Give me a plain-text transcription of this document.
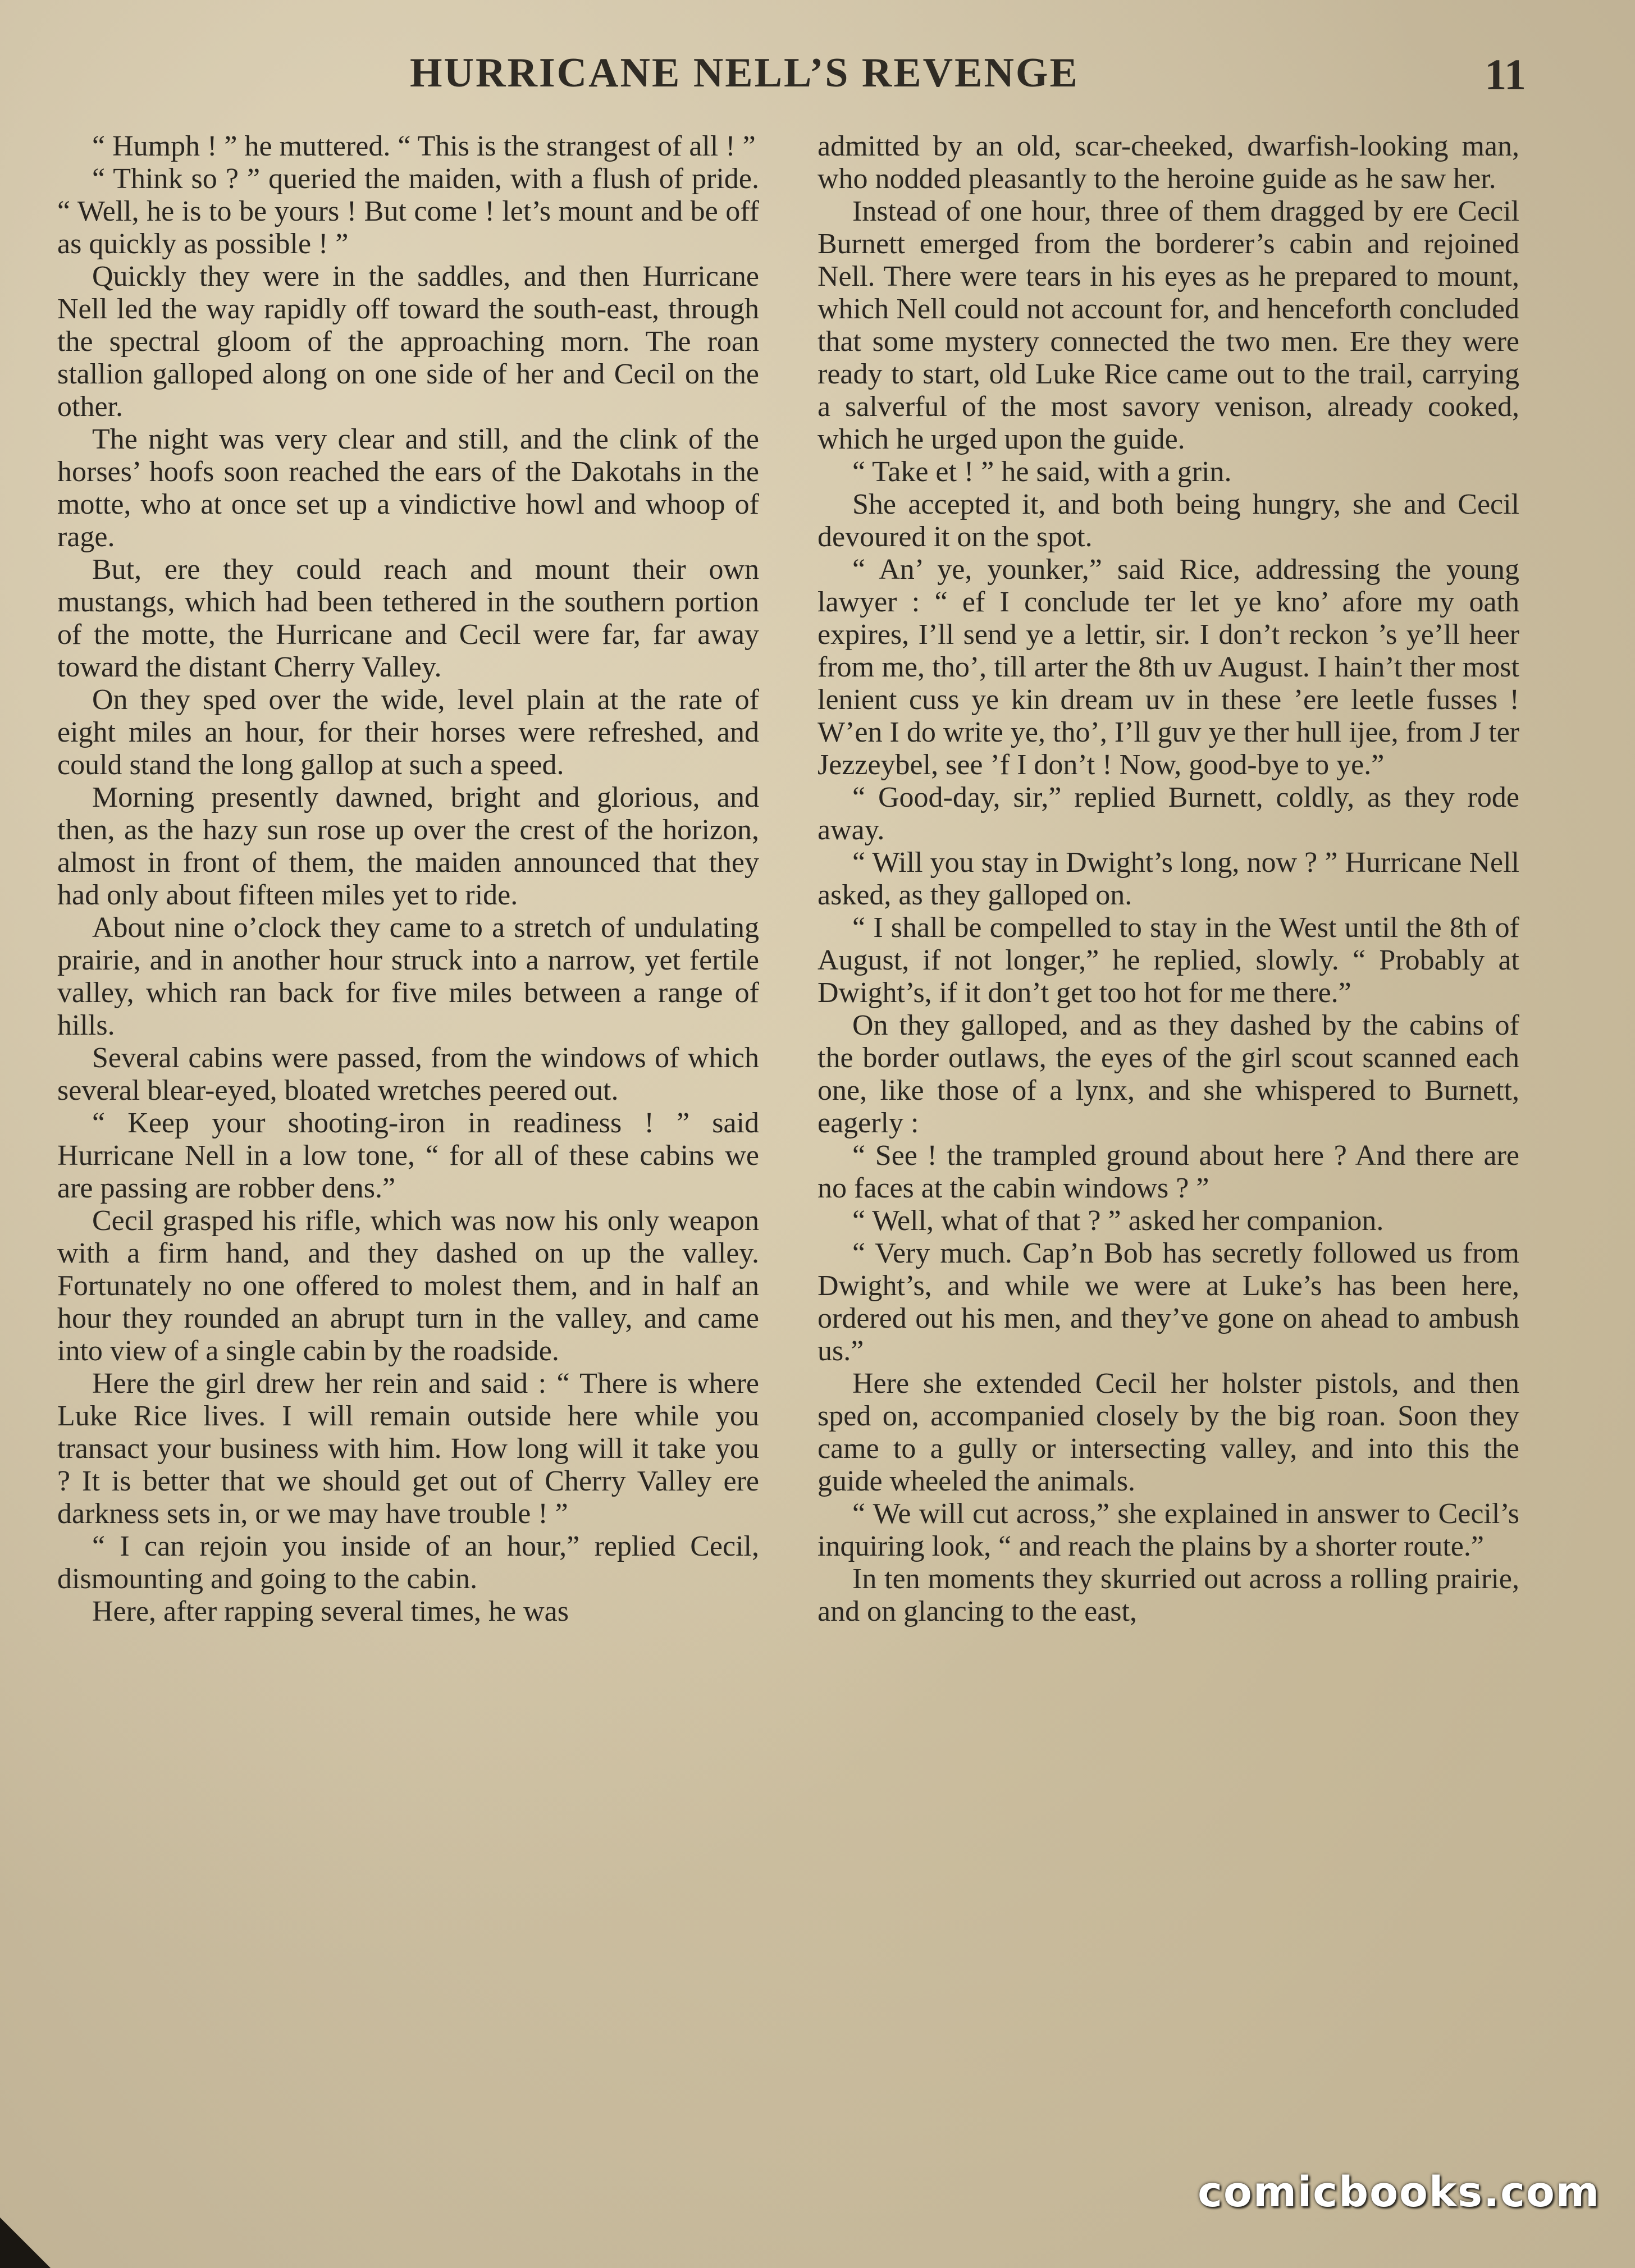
HURRICANE NELL’S REVENGE	11

“ Humph ! ” he muttered. “ This is the strangest of all ! ”

“ Think so ? ” queried the maiden, with a flush of pride. “ Well, he is to be yours ! But come ! let’s mount and be off as quickly as possible ! ”

Quickly they were in the saddles, and then Hurricane Nell led the way rapidly off toward the south-east, through the spectral gloom of the approaching morn. The roan stallion galloped along on one side of her and Cecil on the other.

The night was very clear and still, and the clink of the horses’ hoofs soon reached the ears of the Dakotahs in the motte, who at once set up a vindictive howl and whoop of rage.

But, ere they could reach and mount their own mustangs, which had been tethered in the southern portion of the motte, the Hurricane and Cecil were far, far away toward the distant Cherry Valley.

On they sped over the wide, level plain at the rate of eight miles an hour, for their horses were refreshed, and could stand the long gallop at such a speed.

Morning presently dawned, bright and glorious, and then, as the hazy sun rose up over the crest of the horizon, almost in front of them, the maiden announced that they had only about fifteen miles yet to ride.

About nine o’clock they came to a stretch of undulating prairie, and in another hour struck into a narrow, yet fertile valley, which ran back for five miles between a range of hills.

Several cabins were passed, from the windows of which several blear-eyed, bloated wretches peered out.

“ Keep your shooting-iron in readiness ! ” said Hurricane Nell in a low tone, “ for all of these cabins we are passing are robber dens.”

Cecil grasped his rifle, which was now his only weapon with a firm hand, and they dashed on up the valley. Fortunately no one offered to molest them, and in half an hour they rounded an abrupt turn in the valley, and came into view of a single cabin by the roadside.

Here the girl drew her rein and said : “ There is where Luke Rice lives. I will remain outside here while you transact your business with him. How long will it take you ? It is better that we should get out of Cherry Valley ere darkness sets in, or we may have trouble ! ”

“ I can rejoin you inside of an hour,” replied Cecil, dismounting and going to the cabin.

Here, after rapping several times, he was

admitted by an old, scar-cheeked, dwarfish-looking man, who nodded pleasantly to the heroine guide as he saw her.

Instead of one hour, three of them dragged by ere Cecil Burnett emerged from the borderer’s cabin and rejoined Nell. There were tears in his eyes as he prepared to mount, which Nell could not account for, and henceforth concluded that some mystery connected the two men. Ere they were ready to start, old Luke Rice came out to the trail, carrying a salverful of the most savory venison, already cooked, which he urged upon the guide.

“ Take et ! ” he said, with a grin.

She accepted it, and both being hungry, she and Cecil devoured it on the spot.

“ An’ ye, younker,” said Rice, addressing the young lawyer : “ ef I conclude ter let ye kno’ afore my oath expires, I’ll send ye a lettir, sir. I don’t reckon ’s ye’ll heer from me, tho’, till arter the 8th uv August. I hain’t ther most lenient cuss ye kin dream uv in these ’ere leetle fusses ! W’en I do write ye, tho’, I’ll guv ye ther hull ijee, from J ter Jezzeybel, see ’f I don’t ! Now, good-bye to ye.”

“ Good-day, sir,” replied Burnett, coldly, as they rode away.

“ Will you stay in Dwight’s long, now ? ” Hurricane Nell asked, as they galloped on.

“ I shall be compelled to stay in the West until the 8th of August, if not longer,” he replied, slowly. “ Probably at Dwight’s, if it don’t get too hot for me there.”

On they galloped, and as they dashed by the cabins of the border outlaws, the eyes of the girl scout scanned each one, like those of a lynx, and she whispered to Burnett, eagerly :

“ See ! the trampled ground about here ? And there are no faces at the cabin windows ? ”

“ Well, what of that ? ” asked her companion.

“ Very much. Cap’n Bob has secretly followed us from Dwight’s, and while we were at Luke’s has been here, ordered out his men, and they’ve gone on ahead to ambush us.”

Here she extended Cecil her holster pistols, and then sped on, accompanied closely by the big roan. Soon they came to a gully or intersecting valley, and into this the guide wheeled the animals.

“ We will cut across,” she explained in answer to Cecil’s inquiring look, “ and reach the plains by a shorter route.”

In ten moments they skurried out across a rolling prairie, and on glancing to the east,

comicbooks.com
